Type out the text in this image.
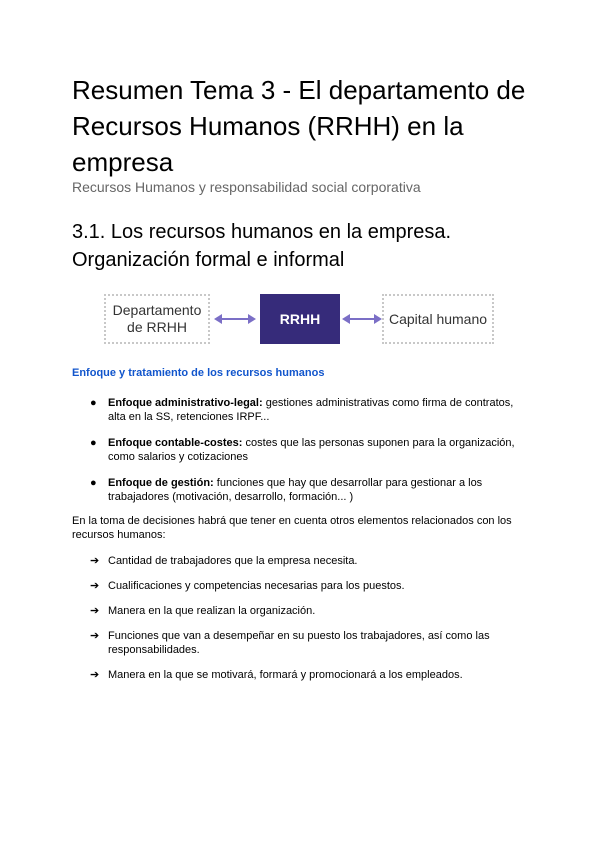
Resumen Tema 3 - El departamento de Recursos Humanos (RRHH) en la empresa

Recursos Humanos y responsabilidad social corporativa

3.1. Los recursos humanos en la empresa. Organización formal e informal
Departamento de RRHH
RRHH	Capital humano
Enfoque y tratamiento de los recursos humanos
● Enfoque administrativo-legal: gestiones administrativas como firma de contratos, alta en la SS, retenciones IRPF...
● Enfoque contable-costes: costes que las personas suponen para la organización, como salarios y cotizaciones
● Enfoque de gestión: funciones que hay que desarrollar para gestionar a los trabajadores (motivación, desarrollo, formación... )

En la toma de decisiones habrá que tener en cuenta otros elementos relacionados con los recursos humanos:

➔ Cantidad de trabajadores que la empresa necesita.
➔ Cualificaciones y competencias necesarias para los puestos.
➔ Manera en la que realizan la organización.
➔ Funciones que van a desempeñar en su puesto los trabajadores, así como las responsabilidades.
➔ Manera en la que se motivará, formará y promocionará a los empleados.
